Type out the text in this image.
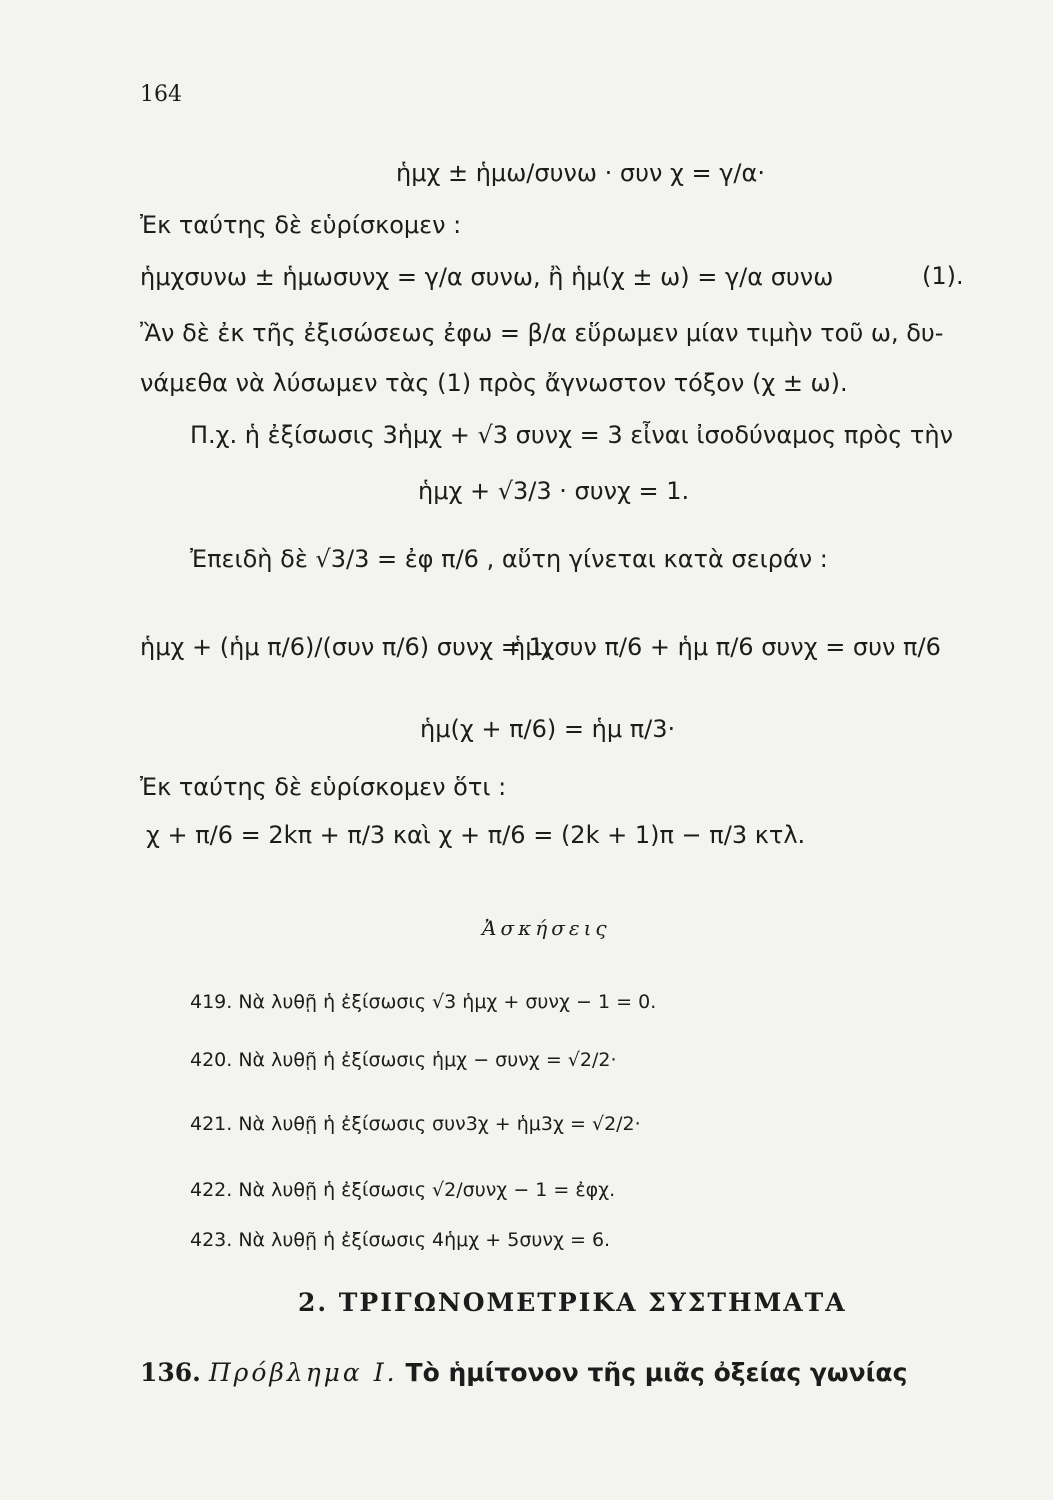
164
ἡμχ ± ἡμω/συνω · συν χ = γ/α·
Ἐκ ταύτης δὲ εὑρίσκομεν :
ἡμχσυνω ± ἡμωσυνχ = γ/α συνω, ἢ ἡμ(χ ± ω) = γ/α συνω	(1).
Ἂν δὲ ἐκ τῆς ἐξισώσεως ἐφω = β/α εὕρωμεν μίαν τιμὴν τοῦ ω, δυ-
νάμεθα νὰ λύσωμεν τὰς (1) πρὸς ἄγνωστον τόξον (χ ± ω).
Π.χ. ἡ ἐξίσωσις 3ἡμχ + √3 συνχ = 3 εἶναι ἰσοδύναμος πρὸς τὴν
ἡμχ + √3/3 · συνχ = 1.
Ἐπειδὴ δὲ √3/3 = ἐφ π/6 , αὕτη γίνεται κατὰ σειράν :
ἡμχ + (ἡμ π/6)/(συν π/6) συνχ = 1,
ἡμχσυν π/6 + ἡμ π/6 συνχ = συν π/6
ἡμ(χ + π/6) = ἡμ π/3·
Ἐκ ταύτης δὲ εὑρίσκομεν ὅτι :
χ + π/6 = 2kπ + π/3 καὶ χ + π/6 = (2k + 1)π − π/3 κτλ.
Ἀσκήσεις
419. Νὰ λυθῇ ἡ ἐξίσωσις √3 ἡμχ + συνχ − 1 = 0.
420. Νὰ λυθῇ ἡ ἐξίσωσις ἡμχ − συνχ = √2/2·
421. Νὰ λυθῇ ἡ ἐξίσωσις συν3χ + ἡμ3χ = √2/2·
422. Νὰ λυθῇ ἡ ἐξίσωσις √2/συνχ − 1 = ἐφχ.
423. Νὰ λυθῇ ἡ ἐξίσωσις 4ἡμχ + 5συνχ = 6.
2. ΤΡΙΓΩΝΟΜΕΤΡΙΚΑ ΣΥΣΤΗΜΑΤΑ
136. Πρόβλημα Ι. Τὸ ἡμίτονον τῆς μιᾶς ὀξείας γωνίας
